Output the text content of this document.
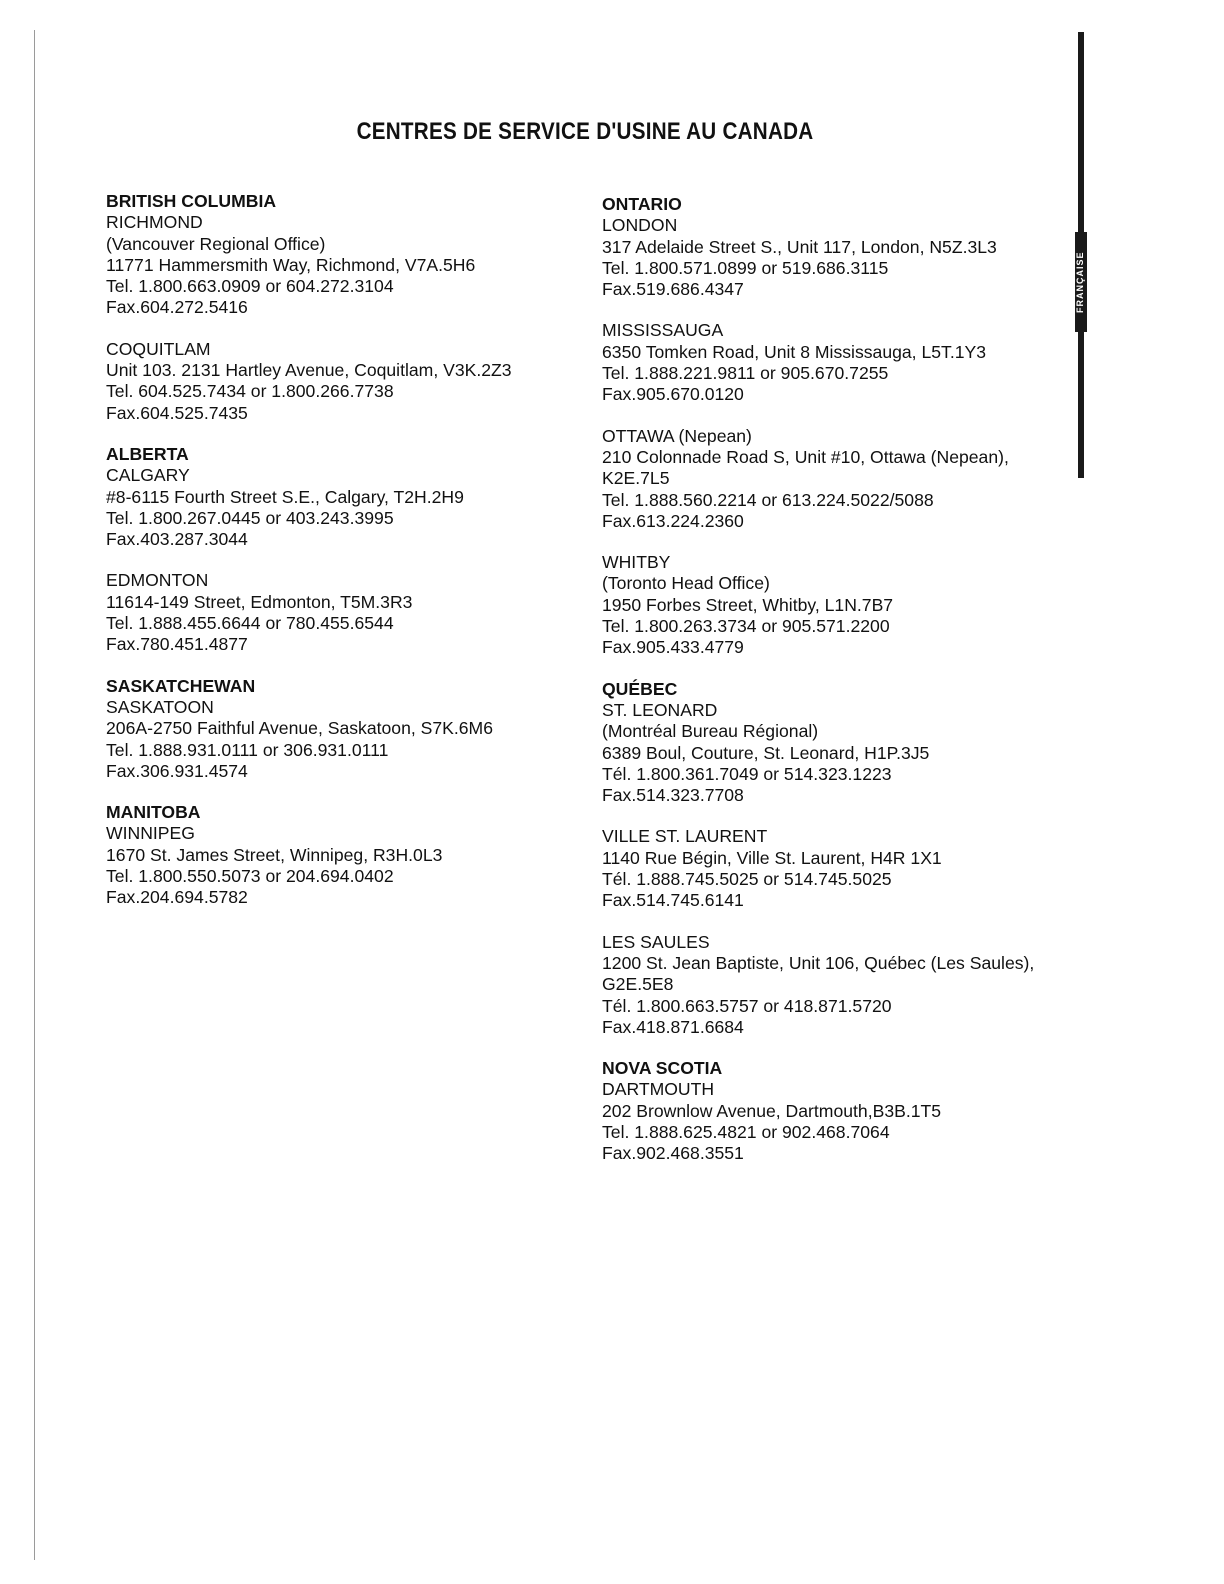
FRANÇAISE
CENTRES DE SERVICE D'USINE AU CANADA
BRITISH COLUMBIA
RICHMOND
(Vancouver Regional Office)
11771 Hammersmith Way, Richmond, V7A.5H6
Tel. 1.800.663.0909 or 604.272.3104
Fax.604.272.5416
COQUITLAM
Unit 103. 2131 Hartley Avenue, Coquitlam, V3K.2Z3
Tel. 604.525.7434 or 1.800.266.7738
Fax.604.525.7435
ALBERTA
CALGARY
#8-6115 Fourth Street S.E., Calgary, T2H.2H9
Tel. 1.800.267.0445 or 403.243.3995
Fax.403.287.3044
EDMONTON
11614-149 Street, Edmonton, T5M.3R3
Tel. 1.888.455.6644 or 780.455.6544
Fax.780.451.4877
SASKATCHEWAN
SASKATOON
206A-2750 Faithful Avenue, Saskatoon, S7K.6M6
Tel. 1.888.931.0111 or 306.931.0111
Fax.306.931.4574
MANITOBA
WINNIPEG
1670 St. James Street, Winnipeg, R3H.0L3
Tel. 1.800.550.5073 or 204.694.0402
Fax.204.694.5782
ONTARIO
LONDON
317 Adelaide Street S., Unit 117, London, N5Z.3L3
Tel. 1.800.571.0899 or 519.686.3115
Fax.519.686.4347
MISSISSAUGA
6350 Tomken Road, Unit 8 Mississauga, L5T.1Y3
Tel. 1.888.221.9811 or 905.670.7255
Fax.905.670.0120
OTTAWA (Nepean)
210 Colonnade Road S, Unit #10, Ottawa (Nepean),
K2E.7L5
Tel. 1.888.560.2214 or 613.224.5022/5088
Fax.613.224.2360
WHITBY
(Toronto Head Office)
1950 Forbes Street, Whitby, L1N.7B7
Tel. 1.800.263.3734 or 905.571.2200
Fax.905.433.4779
QUÉBEC
ST. LEONARD
(Montréal Bureau Régional)
6389 Boul, Couture, St. Leonard, H1P.3J5
Tél. 1.800.361.7049 or 514.323.1223
Fax.514.323.7708
VILLE ST. LAURENT
1140 Rue Bégin, Ville St. Laurent, H4R 1X1
Tél. 1.888.745.5025 or 514.745.5025
Fax.514.745.6141
LES SAULES
1200 St. Jean Baptiste, Unit 106, Québec (Les Saules),
G2E.5E8
Tél. 1.800.663.5757 or 418.871.5720
Fax.418.871.6684
NOVA SCOTIA
DARTMOUTH
202 Brownlow Avenue, Dartmouth,B3B.1T5
Tel. 1.888.625.4821 or 902.468.7064
Fax.902.468.3551
